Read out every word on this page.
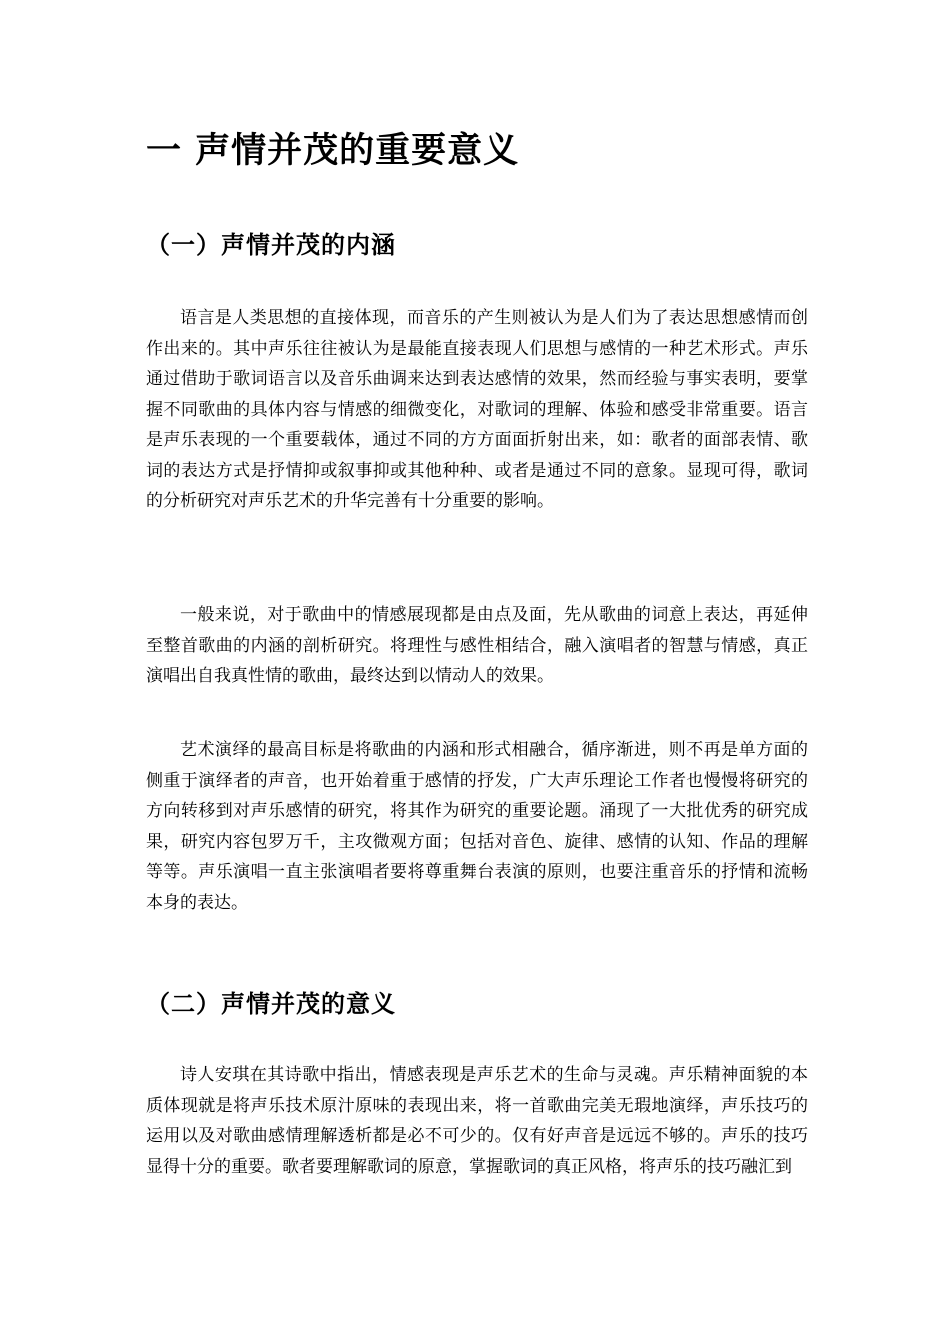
一 声情并茂的重要意义
（一）声情并茂的内涵

语言是人类思想的直接体现，而音乐的产生则被认为是人们为了表达思想感情而创作出来的。其中声乐往往被认为是最能直接表现人们思想与感情的一种艺术形式。声乐通过借助于歌词语言以及音乐曲调来达到表达感情的效果，然而经验与事实表明，要掌握不同歌曲的具体内容与情感的细微变化，对歌词的理解、体验和感受非常重要。语言是声乐表现的一个重要载体，通过不同的方方面面折射出来，如：歌者的面部表情、歌词的表达方式是抒情抑或叙事抑或其他种种、或者是通过不同的意象。显现可得，歌词的分析研究对声乐艺术的升华完善有十分重要的影响。

一般来说，对于歌曲中的情感展现都是由点及面，先从歌曲的词意上表达，再延伸至整首歌曲的内涵的剖析研究。将理性与感性相结合，融入演唱者的智慧与情感，真正演唱出自我真性情的歌曲，最终达到以情动人的效果。

艺术演绎的最高目标是将歌曲的内涵和形式相融合，循序渐进，则不再是单方面的侧重于演绎者的声音，也开始着重于感情的抒发，广大声乐理论工作者也慢慢将研究的方向转移到对声乐感情的研究，将其作为研究的重要论题。涌现了一大批优秀的研究成果，研究内容包罗万千，主攻微观方面；包括对音色、旋律、感情的认知、作品的理解等等。声乐演唱一直主张演唱者要将尊重舞台表演的原则，也要注重音乐的抒情和流畅本身的表达。

（二）声情并茂的意义

诗人安琪在其诗歌中指出，情感表现是声乐艺术的生命与灵魂。声乐精神面貌的本质体现就是将声乐技术原汁原味的表现出来，将一首歌曲完美无瑕地演绎，声乐技巧的运用以及对歌曲感情理解透析都是必不可少的。仅有好声音是远远不够的。声乐的技巧显得十分的重要。歌者要理解歌词的原意，掌握歌词的真正风格，将声乐的技巧融汇到
